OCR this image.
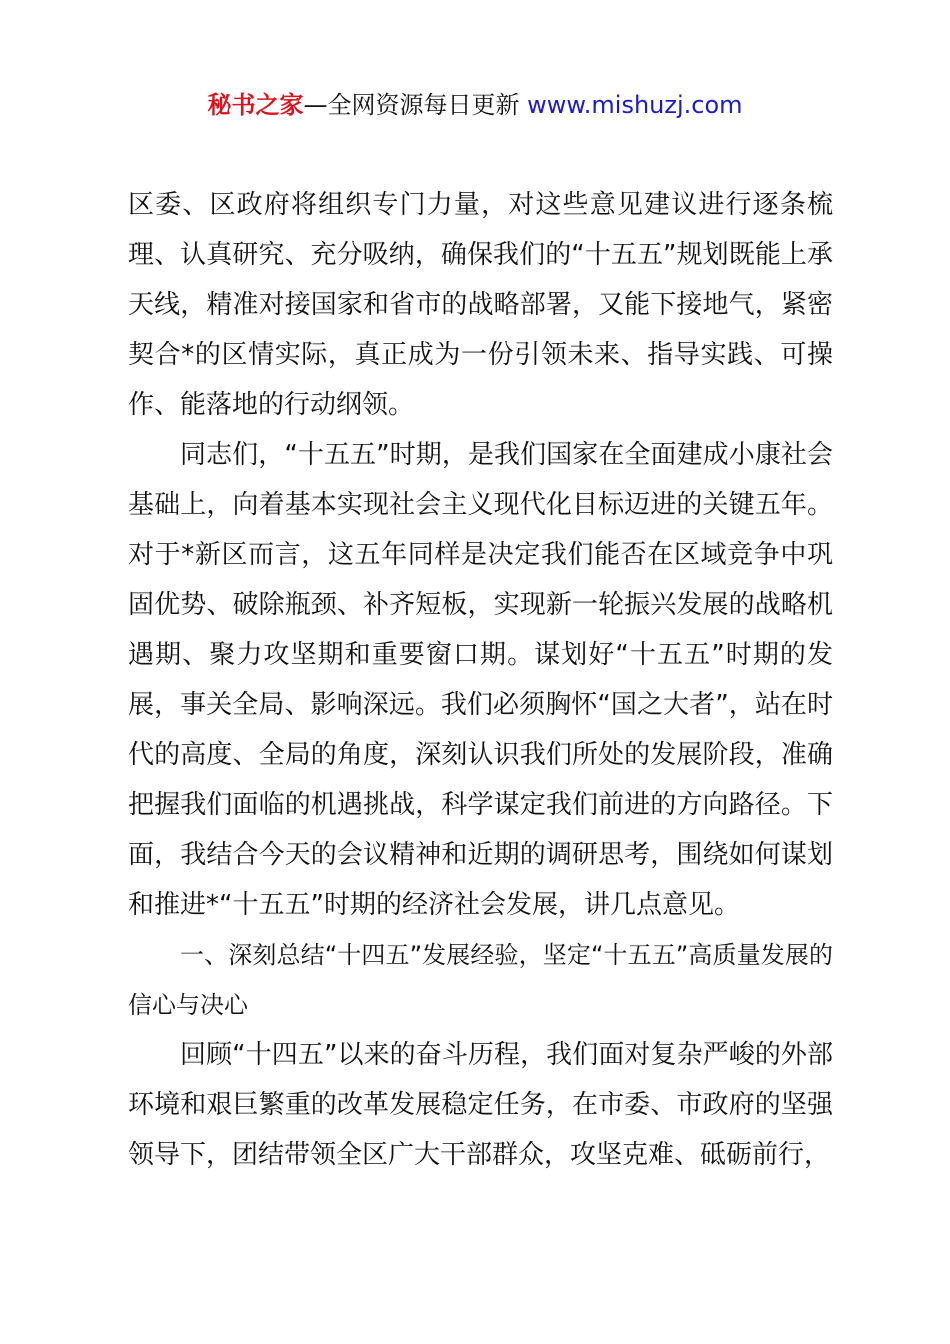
秘书之家—全网资源每日更新 www.mishuzj.com

区委、区政府将组织专门力量，对这些意见建议进行逐条梳理、认真研究、充分吸纳，确保我们的“十五五”规划既能上承天线，精准对接国家和省市的战略部署，又能下接地气，紧密契合*的区情实际，真正成为一份引领未来、指导实践、可操作、能落地的行动纲领。

同志们，“十五五”时期，是我们国家在全面建成小康社会基础上，向着基本实现社会主义现代化目标迈进的关键五年。对于*新区而言，这五年同样是决定我们能否在区域竞争中巩固优势、破除瓶颈、补齐短板，实现新一轮振兴发展的战略机遇期、聚力攻坚期和重要窗口期。谋划好“十五五”时期的发展，事关全局、影响深远。我们必须胸怀“国之大者”，站在时代的高度、全局的角度，深刻认识我们所处的发展阶段，准确把握我们面临的机遇挑战，科学谋定我们前进的方向路径。下面，我结合今天的会议精神和近期的调研思考，围绕如何谋划和推进*“十五五”时期的经济社会发展，讲几点意见。

一、深刻总结“十四五”发展经验，坚定“十五五”高质量发展的信心与决心

回顾“十四五”以来的奋斗历程，我们面对复杂严峻的外部环境和艰巨繁重的改革发展稳定任务，在市委、市政府的坚强领导下，团结带领全区广大干部群众，攻坚克难、砥砺前行，
